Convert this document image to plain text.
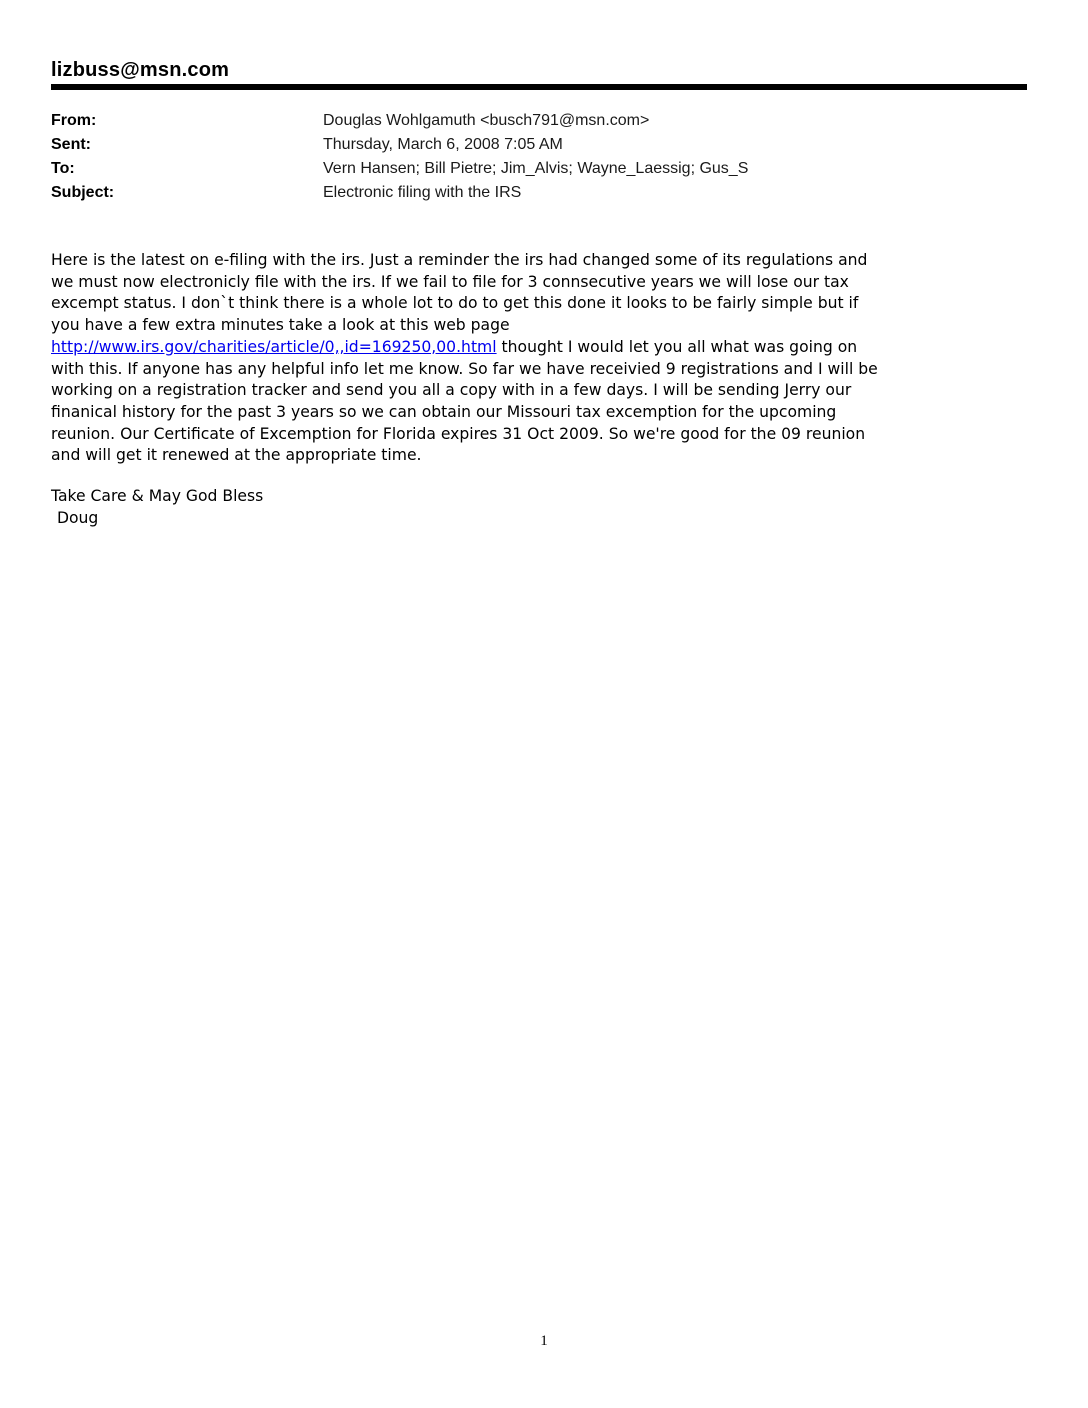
lizbuss@msn.com
From:	Douglas Wohlgamuth <busch791@msn.com>
Sent:	Thursday, March 6, 2008 7:05 AM
To:	Vern Hansen; Bill Pietre; Jim_Alvis; Wayne_Laessig; Gus_S
Subject:	Electronic filing with the IRS
Here is the latest on e-filing with the irs. Just a reminder the irs had changed some of its regulations and
we must now electronicly file with the irs. If we fail to file for 3 connsecutive years we will lose our tax
excempt status. I don`t think there is a whole lot to do to get this done it looks to be fairly simple but if
you have a few extra minutes take a look at this web page
http://www.irs.gov/charities/article/0,,id=169250,00.html thought I would let you all what was going on
with this. If anyone has any helpful info let me know. So far we have receivied 9 registrations and I will be
working on a registration tracker and send you all a copy with in a few days. I will be sending Jerry our
finanical history for the past 3 years so we can obtain our Missouri tax excemption for the upcoming
reunion. Our Certificate of Excemption for Florida expires 31 Oct 2009. So we're good for the 09 reunion
and will get it renewed at the appropriate time.
Take Care & May God Bless
Doug
1
